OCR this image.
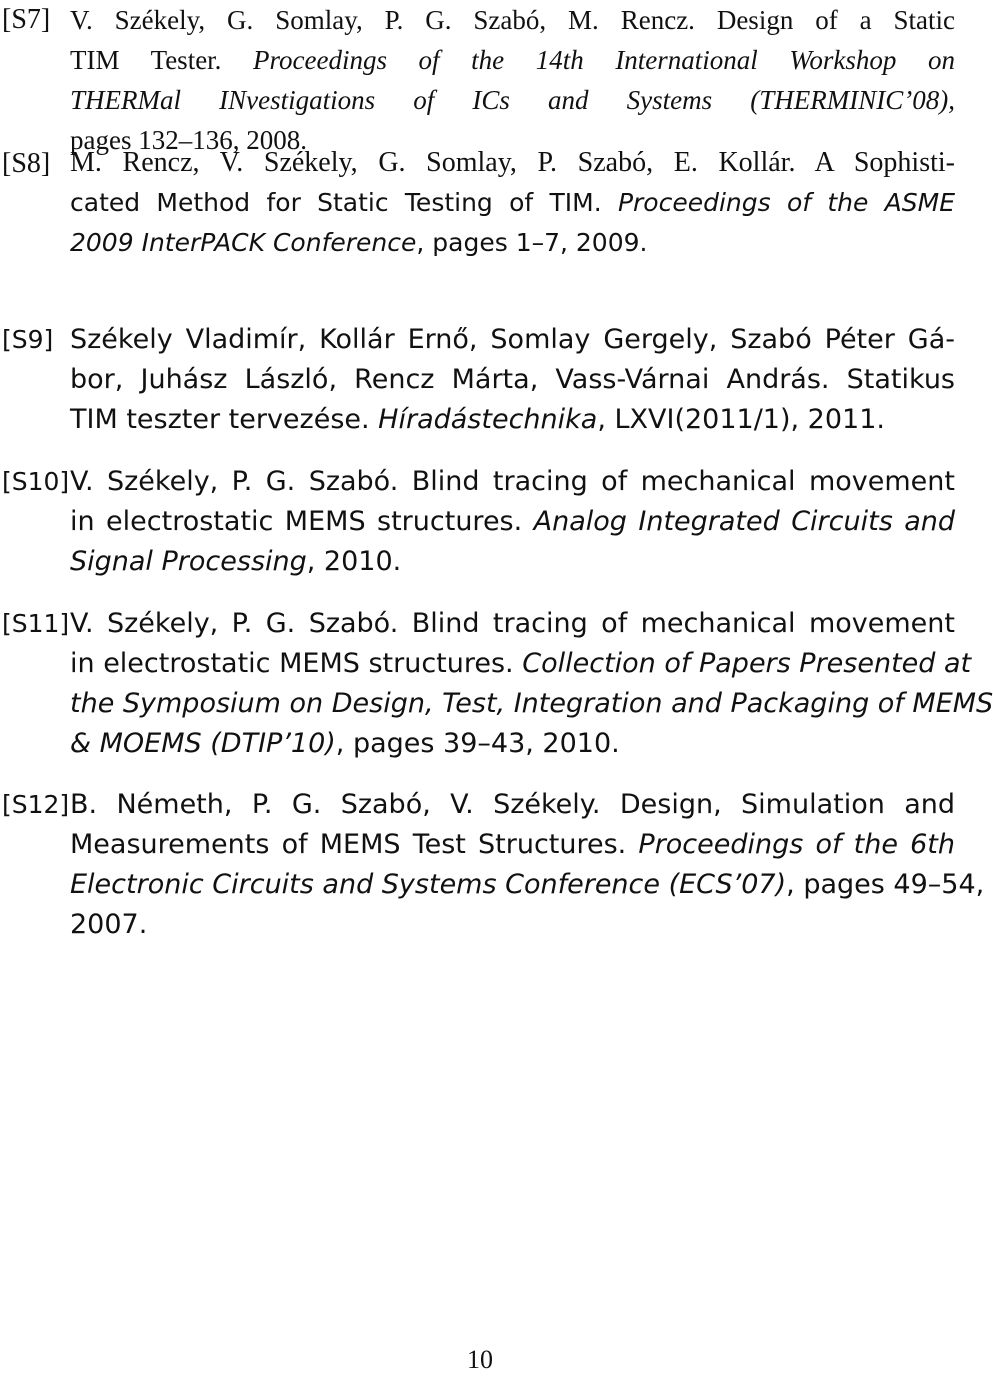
[S7] V. Székely, G. Somlay, P. G. Szabó, M. Rencz. Design of a Static
TIM Tester. Proceedings of the 14th International Workshop on
THERMal INvestigations of ICs and Systems (THERMINIC’08),
pages 132–136, 2008.
[S8] M. Rencz, V. Székely, G. Somlay, P. Szabó, E. Kollár. A Sophisti-
cated Method for Static Testing of TIM. Proceedings of the ASME
2009 InterPACK Conference, pages 1–7, 2009.
[S9] Székely Vladimír, Kollár Ernő, Somlay Gergely, Szabó Péter Gá-
bor, Juhász László, Rencz Márta, Vass-Várnai András. Statikus
TIM teszter tervezése. Híradástechnika, LXVI(2011/1), 2011.
[S10] V. Székely, P. G. Szabó. Blind tracing of mechanical movement
in electrostatic MEMS structures. Analog Integrated Circuits and
Signal Processing, 2010.
[S11] V. Székely, P. G. Szabó. Blind tracing of mechanical movement
in electrostatic MEMS structures. Collection of Papers Presented at
the Symposium on Design, Test, Integration and Packaging of MEMS
& MOEMS (DTIP’10), pages 39–43, 2010.
[S12] B. Németh, P. G. Szabó, V. Székely. Design, Simulation and
Measurements of MEMS Test Structures. Proceedings of the 6th
Electronic Circuits and Systems Conference (ECS’07), pages 49–54,
2007.
10
